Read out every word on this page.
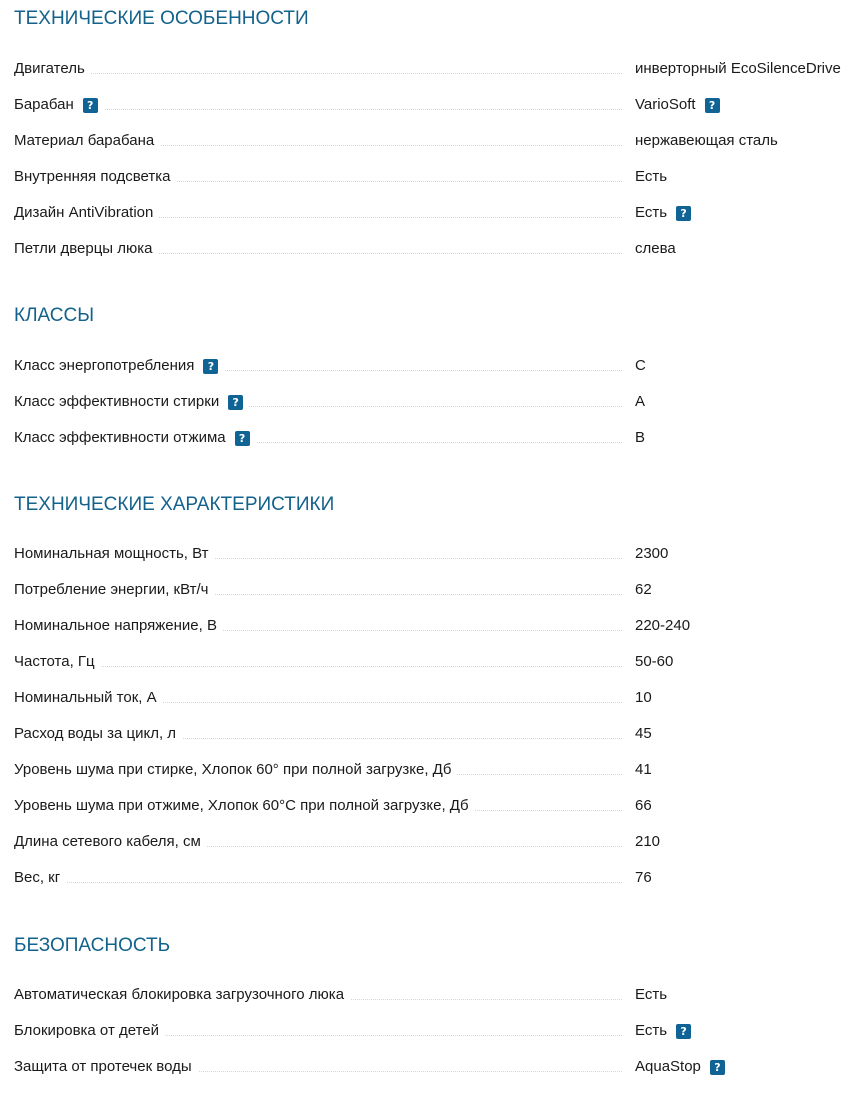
ТЕХНИЧЕСКИЕ ОСОБЕННОСТИ
Двигатель	инверторный EcoSilenceDrive
Барабан	?	VarioSoft	?
Материал барабана	нержавеющая сталь
Внутренняя подсветка	Есть
Дизайн AntiVibration	Есть	?
Петли дверцы люка	слева
КЛАССЫ
Класс энергопотребления	?	C
Класс эффективности стирки	?	A
Класс эффективности отжима	?	B
ТЕХНИЧЕСКИЕ ХАРАКТЕРИСТИКИ
Номинальная мощность, Вт	2300
Потребление энергии, кВт/ч	62
Номинальное напряжение, В	220-240
Частота, Гц	50-60
Номинальный ток, А	10
Расход воды за цикл, л	45
Уровень шума при стирке, Хлопок 60° при полной загрузке, Дб	41
Уровень шума при отжиме, Хлопок 60°С при полной загрузке, Дб	66
Длина сетевого кабеля, см	210
Вес, кг	76
БЕЗОПАСНОСТЬ
Автоматическая блокировка загрузочного люка	Есть
Блокировка от детей	Есть	?
Защита от протечек воды	AquaStop	?
